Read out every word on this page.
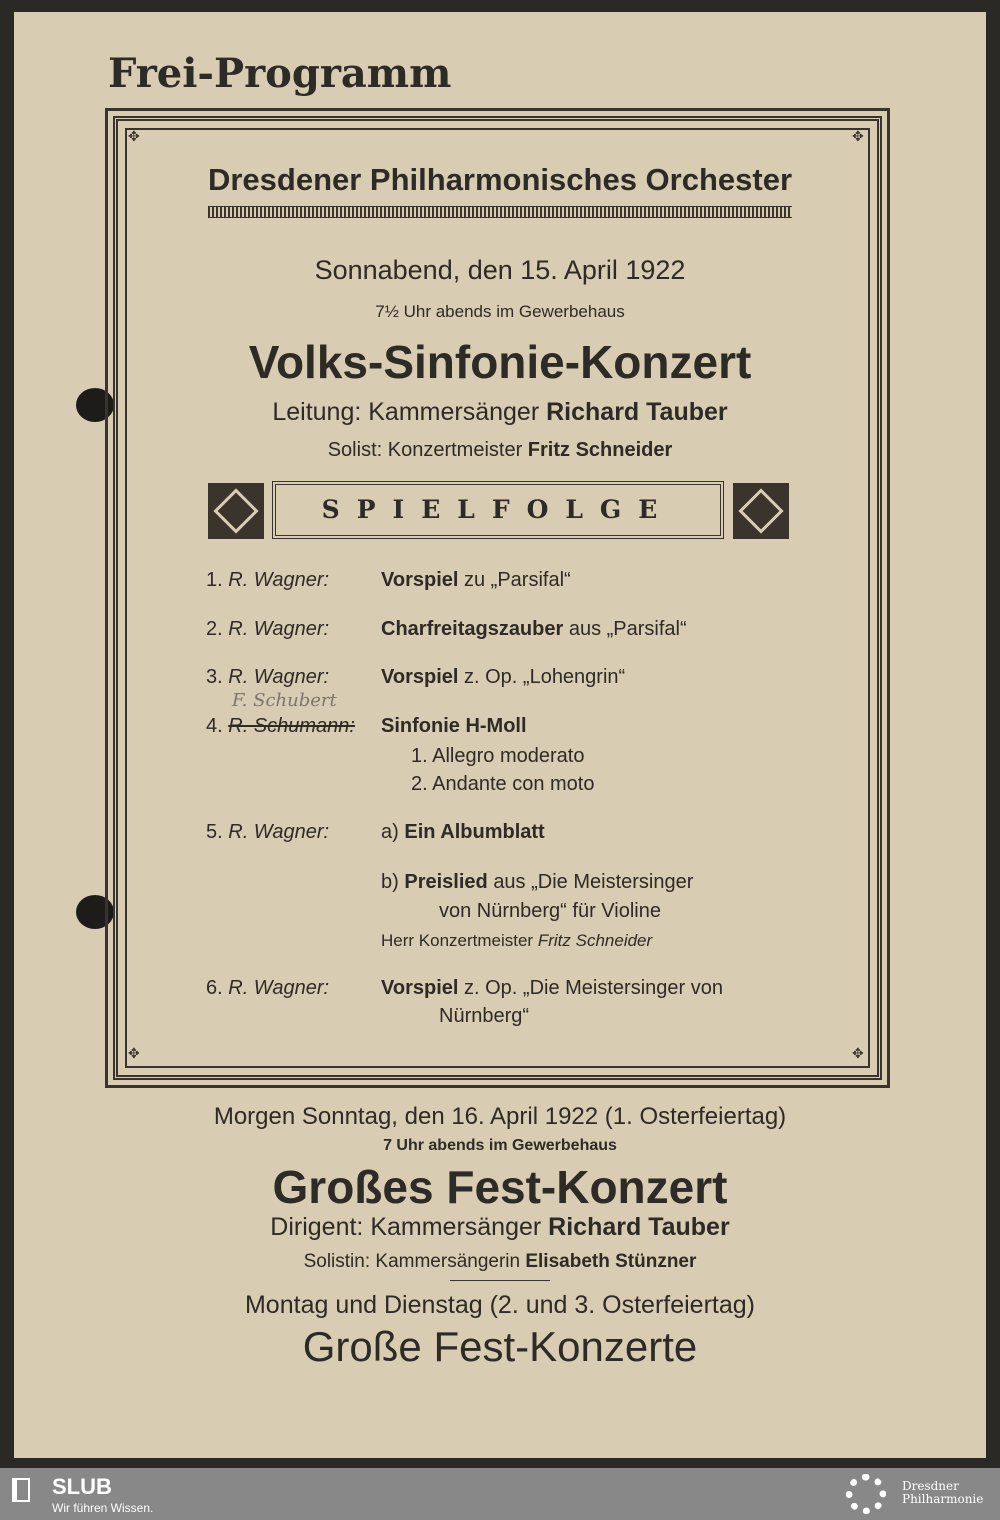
Frei-Programm
✥	✥
✥	✥
Dresdener Philharmonisches Orchester
Sonnabend, den 15. April 1922
7½ Uhr abends im Gewerbehaus
Volks-Sinfonie-Konzert
Leitung: Kammersänger Richard Tauber
Solist: Konzertmeister Fritz Schneider
SPIELFOLGE
1. R. Wagner:	Vorspiel zu „Parsifal“
2. R. Wagner:	Charfreitagszauber aus „Parsifal“
3. R. Wagner:	Vorspiel z. Op. „Lohengrin“
F. Schubert
4. R. Schumann: Sinfonie H-Moll
1. Allegro moderato
2. Andante con moto
5. R. Wagner:	a) Ein Albumblatt
b) Preislied aus „Die Meistersinger
von Nürnberg“ für Violine
Herr Konzertmeister Fritz Schneider
6. R. Wagner:	Vorspiel z. Op. „Die Meistersinger von
Nürnberg“
Morgen Sonntag, den 16. April 1922 (1. Osterfeiertag)
7 Uhr abends im Gewerbehaus
Großes Fest-Konzert
Dirigent: Kammersänger Richard Tauber
Solistin: Kammersängerin Elisabeth Stünzner
Montag und Dienstag (2. und 3. Osterfeiertag)
Große Fest-Konzerte
SLUB
Wir führen Wissen.
Dresdner
Philharmonie
